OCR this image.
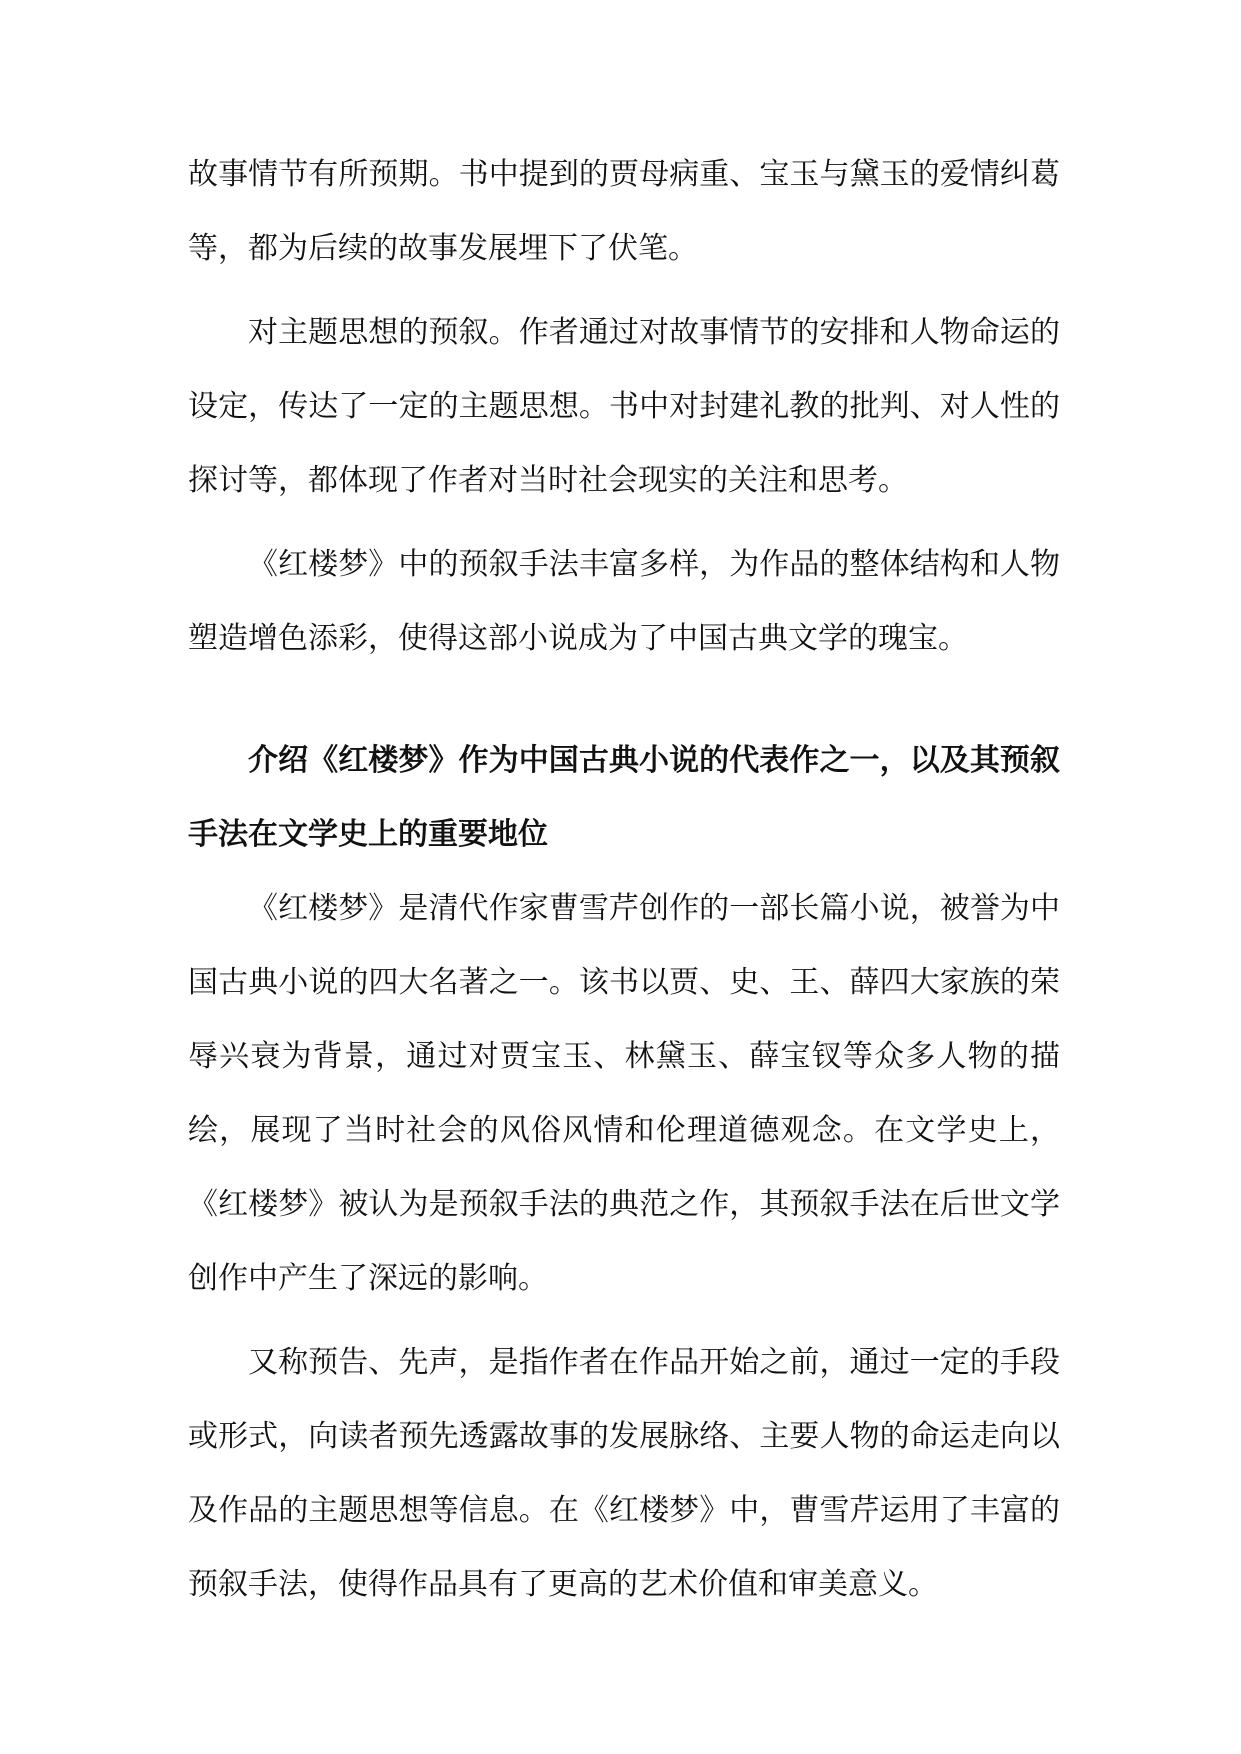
故事情节有所预期。书中提到的贾母病重、宝玉与黛玉的爱情纠葛等，都为后续的故事发展埋下了伏笔。

对主题思想的预叙。作者通过对故事情节的安排和人物命运的设定，传达了一定的主题思想。书中对封建礼教的批判、对人性的探讨等，都体现了作者对当时社会现实的关注和思考。

《红楼梦》中的预叙手法丰富多样，为作品的整体结构和人物塑造增色添彩，使得这部小说成为了中国古典文学的瑰宝。

介绍《红楼梦》作为中国古典小说的代表作之一，以及其预叙手法在文学史上的重要地位

《红楼梦》是清代作家曹雪芹创作的一部长篇小说，被誉为中国古典小说的四大名著之一。该书以贾、史、王、薛四大家族的荣辱兴衰为背景，通过对贾宝玉、林黛玉、薛宝钗等众多人物的描绘，展现了当时社会的风俗风情和伦理道德观念。在文学史上，《红楼梦》被认为是预叙手法的典范之作，其预叙手法在后世文学创作中产生了深远的影响。

又称预告、先声，是指作者在作品开始之前，通过一定的手段或形式，向读者预先透露故事的发展脉络、主要人物的命运走向以及作品的主题思想等信息。在《红楼梦》中，曹雪芹运用了丰富的预叙手法，使得作品具有了更高的艺术价值和审美意义。
